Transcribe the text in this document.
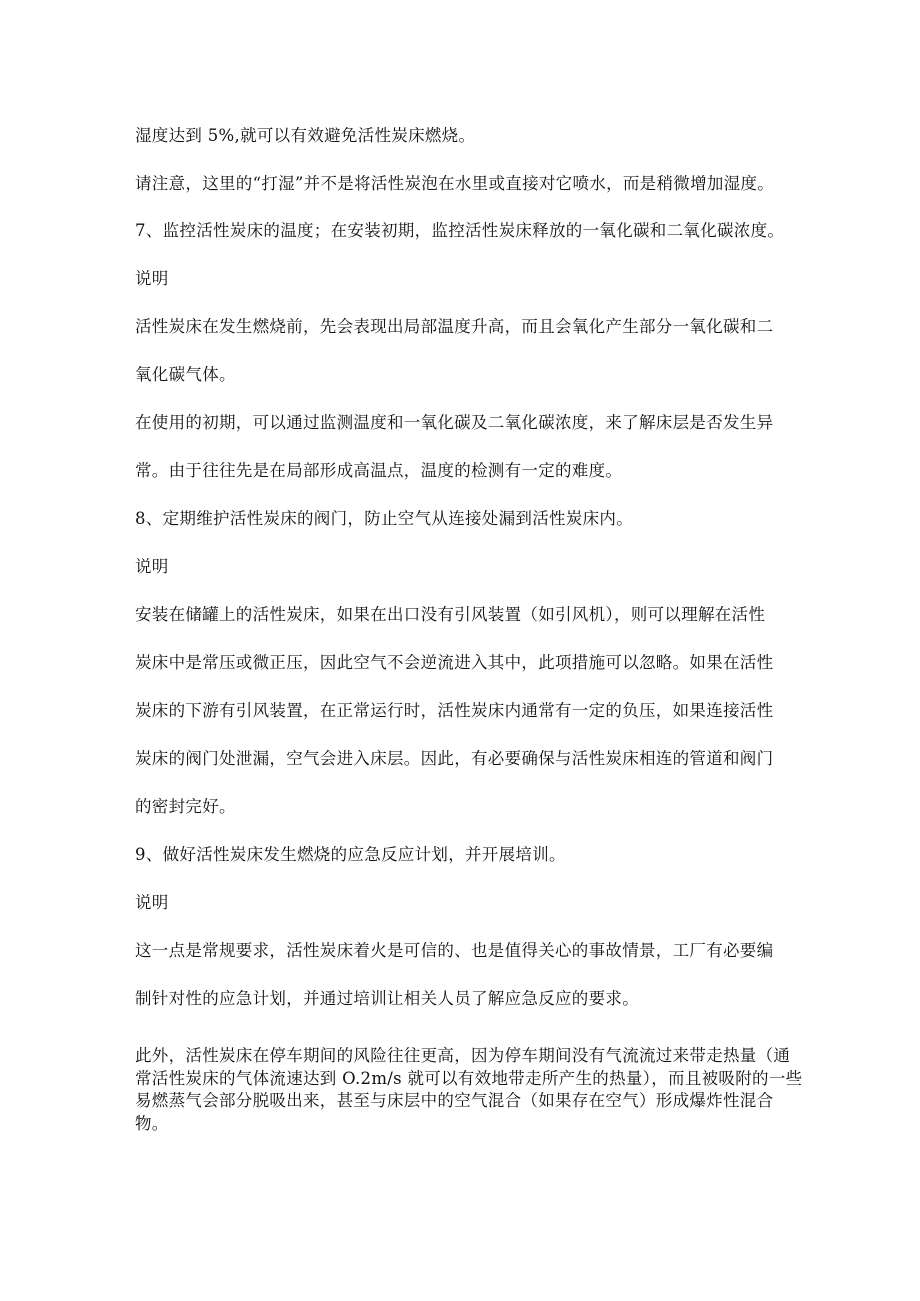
湿度达到 5%,就可以有效避免活性炭床燃烧。
请注意，这里的“打湿”并不是将活性炭泡在水里或直接对它喷水，而是稍微增加湿度。
7、监控活性炭床的温度；在安装初期，监控活性炭床释放的一氧化碳和二氧化碳浓度。
说明
活性炭床在发生燃烧前，先会表现出局部温度升高，而且会氧化产生部分一氧化碳和二
氧化碳气体。
在使用的初期，可以通过监测温度和一氧化碳及二氧化碳浓度，来了解床层是否发生异
常。由于往往先是在局部形成高温点，温度的检测有一定的难度。
8、定期维护活性炭床的阀门，防止空气从连接处漏到活性炭床内。
说明
安装在储罐上的活性炭床，如果在出口没有引风装置（如引风机），则可以理解在活性
炭床中是常压或微正压，因此空气不会逆流进入其中，此项措施可以忽略。如果在活性
炭床的下游有引风装置，在正常运行时，活性炭床内通常有一定的负压，如果连接活性
炭床的阀门处泄漏，空气会进入床层。因此，有必要确保与活性炭床相连的管道和阀门
的密封完好。
9、做好活性炭床发生燃烧的应急反应计划，并开展培训。
说明
这一点是常规要求，活性炭床着火是可信的、也是值得关心的事故情景，工厂有必要编
制针对性的应急计划，并通过培训让相关人员了解应急反应的要求。
此外，活性炭床在停车期间的风险往往更高，因为停车期间没有气流流过来带走热量（通
常活性炭床的气体流速达到 O.2m/s 就可以有效地带走所产生的热量），而且被吸附的一些
易燃蒸气会部分脱吸出来，甚至与床层中的空气混合（如果存在空气）形成爆炸性混合
物。
